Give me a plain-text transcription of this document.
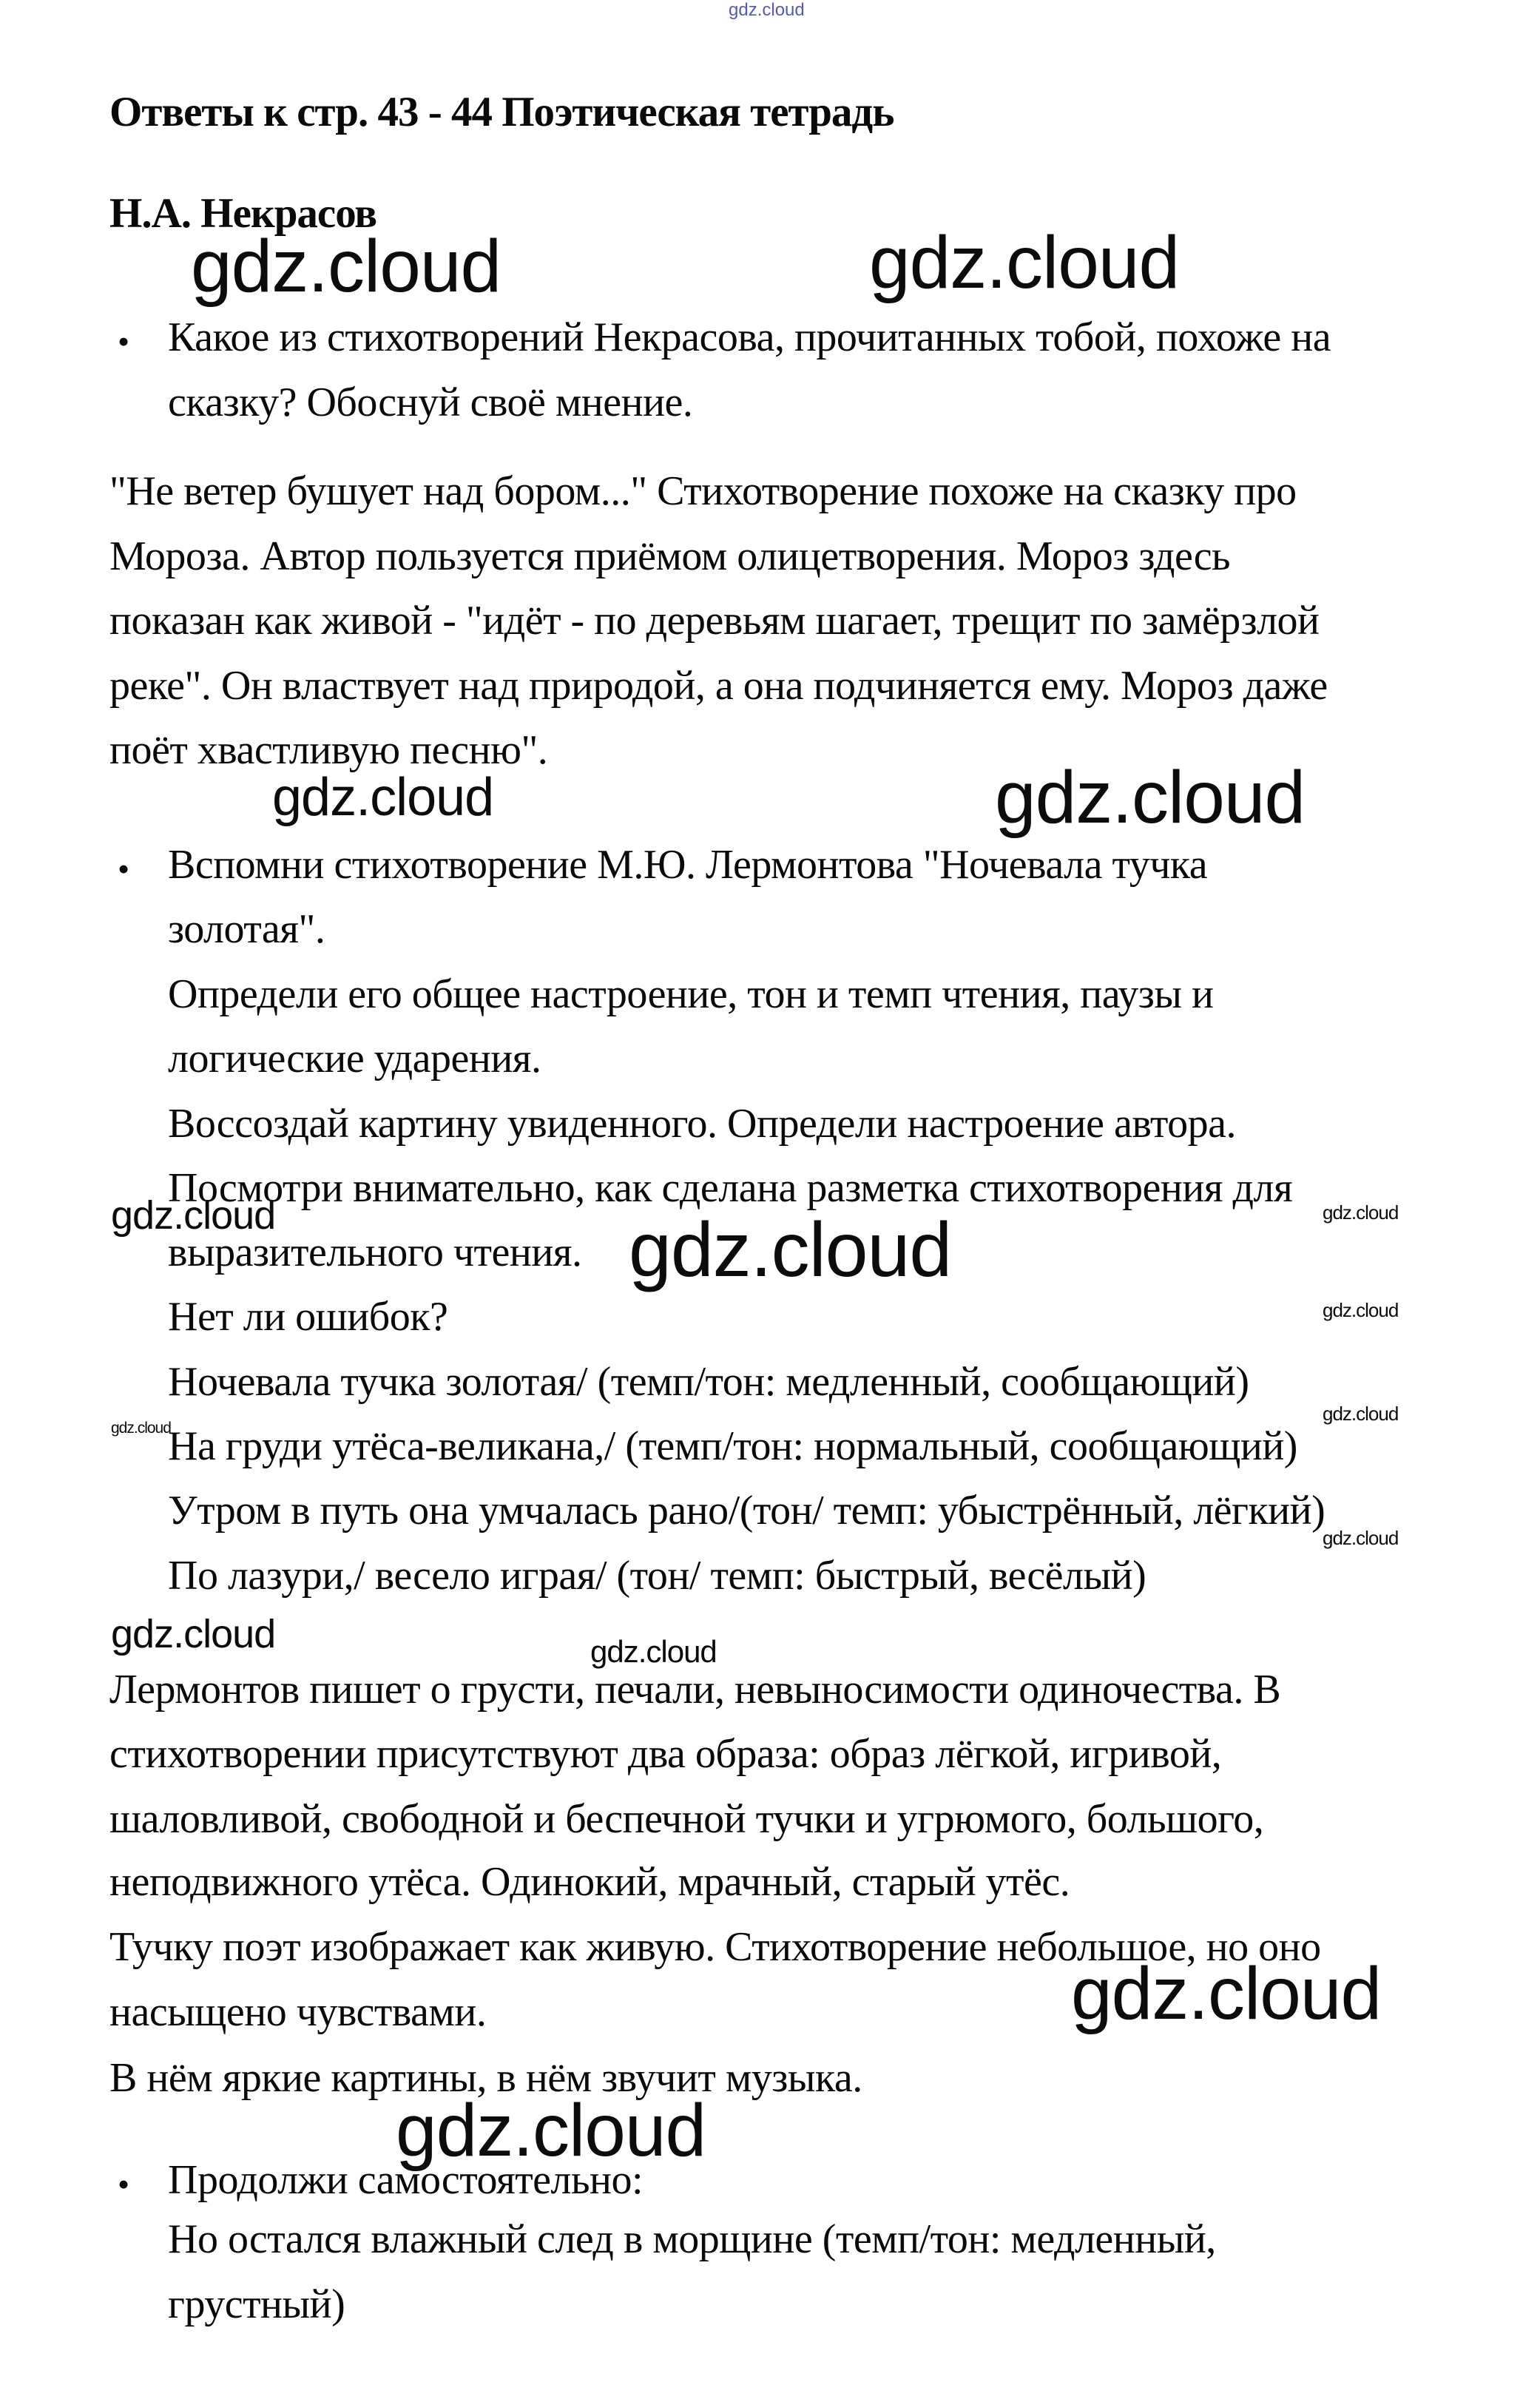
gdz.cloud
gdz.cloud	gdz.cloud
gdz.cloud	gdz.cloud
gdz.cloud	gdz.cloud
gdz.cloud
gdz.cloud
gdz.cloud
gdz.cloud
gdz.cloud
gdz.cloud	gdz.cloud
gdz.cloud
gdz.cloud
Ответы к стр. 43 - 44 Поэтическая тетрадь
Н.А. Некрасов
• Какое из стихотворений Некрасова, прочитанных тобой, похоже на
сказку? Обоснуй своё мнение.
"Не ветер бушует над бором..." Стихотворение похоже на сказку про
Мороза. Автор пользуется приёмом олицетворения. Мороз здесь
показан как живой - "идёт - по деревьям шагает, трещит по замёрзлой
реке". Он властвует над природой, а она подчиняется ему. Мороз даже
поёт хвастливую песню".
• Вспомни стихотворение М.Ю. Лермонтова "Ночевала тучка
золотая".
Определи его общее настроение, тон и темп чтения, паузы и
логические ударения.
Воссоздай картину увиденного. Определи настроение автора.
Посмотри внимательно, как сделана разметка стихотворения для
выразительного чтения.
Нет ли ошибок?
Ночевала тучка золотая/ (темп/тон: медленный, сообщающий)
На груди утёса-великана,/ (темп/тон: нормальный, сообщающий)
Утром в путь она умчалась рано/(тон/ темп: убыстрённый, лёгкий)
По лазури,/ весело играя/ (тон/ темп: быстрый, весёлый)
Лермонтов пишет о грусти, печали, невыносимости одиночества. В
стихотворении присутствуют два образа: образ лёгкой, игривой,
шаловливой, свободной и беспечной тучки и угрюмого, большого,
неподвижного утёса. Одинокий, мрачный, старый утёс.
Тучку поэт изображает как живую. Стихотворение небольшое, но оно
насыщено чувствами.
В нём яркие картины, в нём звучит музыка.
• Продолжи самостоятельно:
Но остался влажный след в морщине (темп/тон: медленный,
грустный)
